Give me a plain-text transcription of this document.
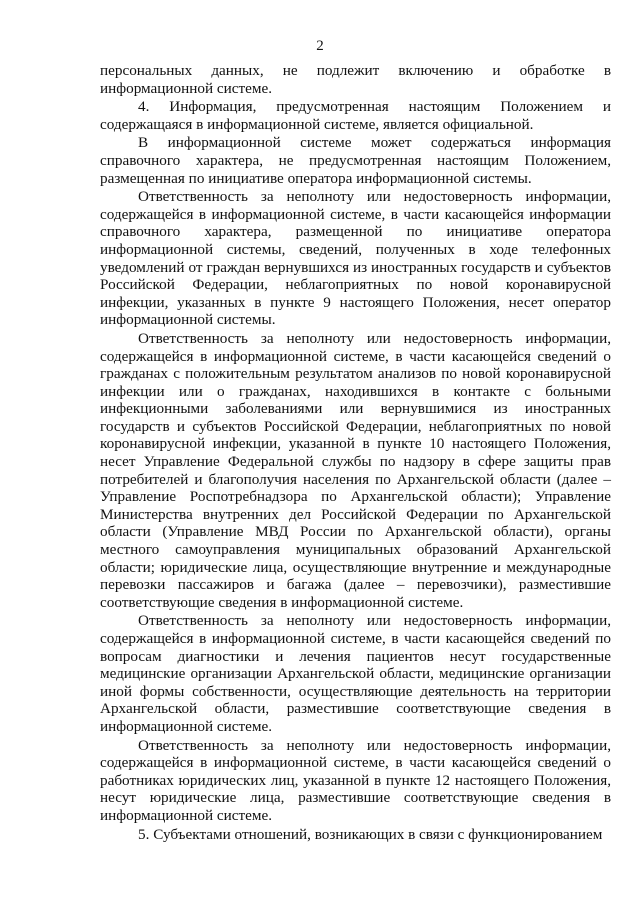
2

персональных данных, не подлежит включению и обработке в информационной системе.

4. Информация, предусмотренная настоящим Положением и содержащаяся в информационной системе, является официальной.

В информационной системе может содержаться информация справочного характера, не предусмотренная настоящим Положением, размещенная по инициативе оператора информационной системы.

Ответственность за неполноту или недостоверность информации, содержащейся в информационной системе, в части касающейся информации справочного характера, размещенной по инициативе оператора информационной системы, сведений, полученных в ходе телефонных уведомлений от граждан вернувшихся из иностранных государств и субъектов Российской Федерации, неблагоприятных по новой коронавирусной инфекции, указанных в пункте 9 настоящего Положения, несет оператор информационной системы.

Ответственность за неполноту или недостоверность информации, содержащейся в информационной системе, в части касающейся сведений о гражданах с положительным результатом анализов по новой коронавирусной инфекции или о гражданах, находившихся в контакте с больными инфекционными заболеваниями или вернувшимися из иностранных государств и субъектов Российской Федерации, неблагоприятных по новой коронавирусной инфекции, указанной в пункте 10 настоящего Положения, несет Управление Федеральной службы по надзору в сфере защиты прав потребителей и благополучия населения по Архангельской области (далее – Управление Роспотребнадзора по Архангельской области); Управление Министерства внутренних дел Российской Федерации по Архангельской области (Управление МВД России по Архангельской области), органы местного самоуправления муниципальных образований Архангельской области; юридические лица, осуществляющие внутренние и международные перевозки пассажиров и багажа (далее – перевозчики), разместившие соответствующие сведения в информационной системе.

Ответственность за неполноту или недостоверность информации, содержащейся в информационной системе, в части касающейся сведений по вопросам диагностики и лечения пациентов несут государственные медицинские организации Архангельской области, медицинские организации иной формы собственности, осуществляющие деятельность на территории Архангельской области, разместившие соответствующие сведения в информационной системе.

Ответственность за неполноту или недостоверность информации, содержащейся в информационной системе, в части касающейся сведений о работниках юридических лиц, указанной в пункте 12 настоящего Положения, несут юридические лица, разместившие соответствующие сведения в информационной системе.

5. Субъектами отношений, возникающих в связи с функционированием
